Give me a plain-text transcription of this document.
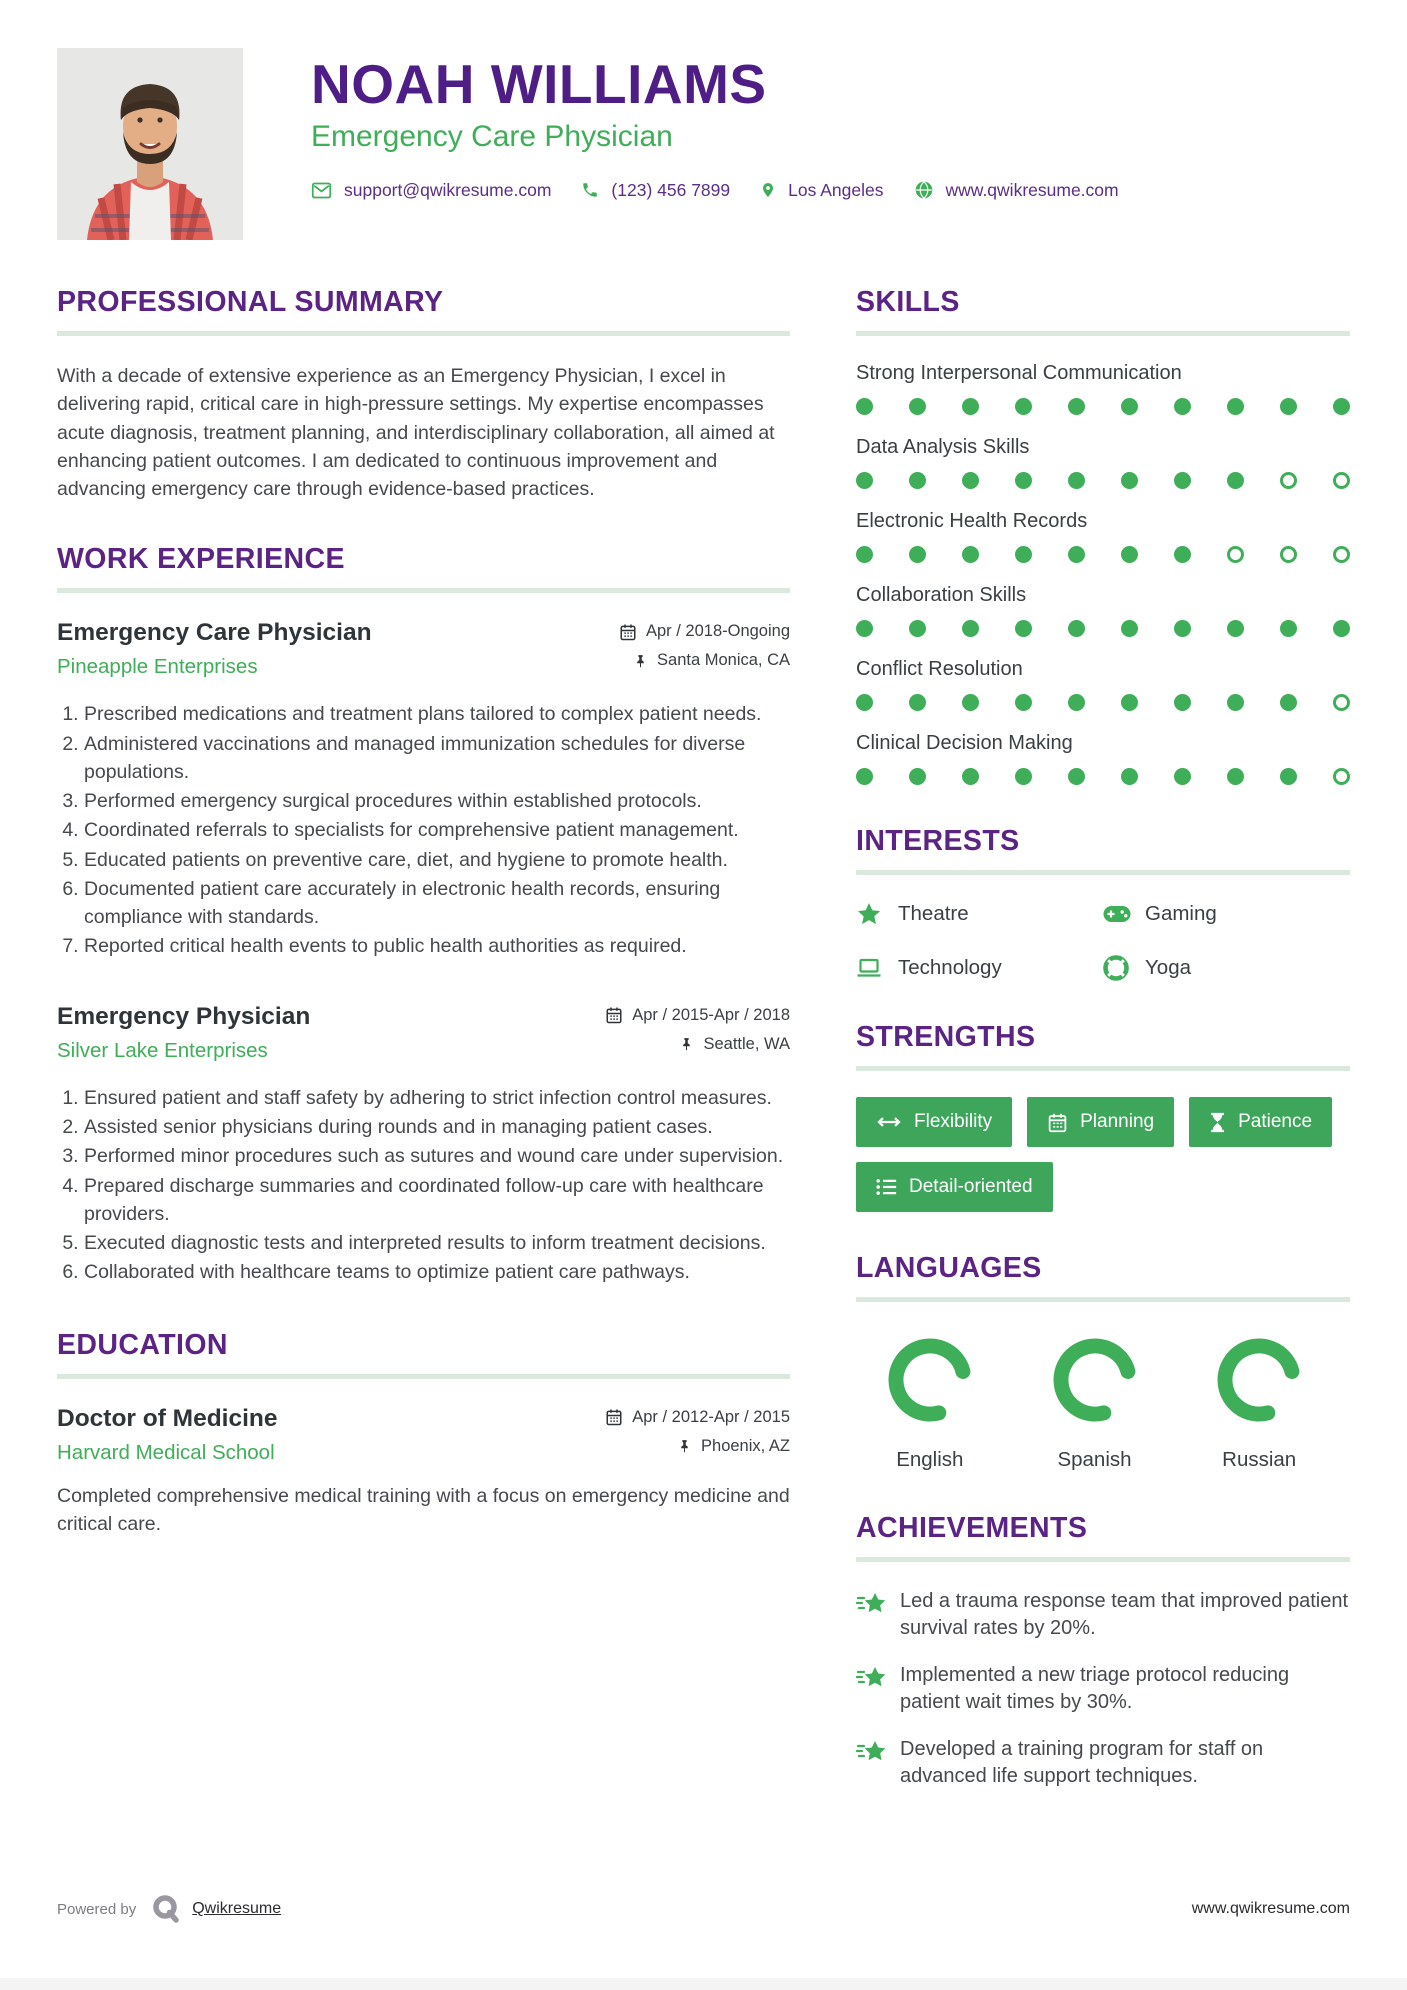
NOAH WILLIAMS
Emergency Care Physician
support@qwikresume.com	(123) 456 7899	Los Angeles	www.qwikresume.com
PROFESSIONAL SUMMARY

With a decade of extensive experience as an Emergency Physician, I excel in delivering rapid, critical care in high-pressure settings. My expertise encompasses acute diagnosis, treatment planning, and interdisciplinary collaboration, all aimed at enhancing patient outcomes. I am dedicated to continuous improvement and advancing emergency care through evidence-based practices.

WORK EXPERIENCE
Emergency Care Physician
Pineapple Enterprises
Apr / 2018-Ongoing
Santa Monica, CA
1. Prescribed medications and treatment plans tailored to complex patient needs.
2. Administered vaccinations and managed immunization schedules for diverse populations.
3. Performed emergency surgical procedures within established protocols.
4. Coordinated referrals to specialists for comprehensive patient management.
5. Educated patients on preventive care, diet, and hygiene to promote health.
6. Documented patient care accurately in electronic health records, ensuring compliance with standards.
7. Reported critical health events to public health authorities as required.
Emergency Physician
Silver Lake Enterprises
Apr / 2015-Apr / 2018
Seattle, WA
1. Ensured patient and staff safety by adhering to strict infection control measures.
2. Assisted senior physicians during rounds and in managing patient cases.
3. Performed minor procedures such as sutures and wound care under supervision.
4. Prepared discharge summaries and coordinated follow-up care with healthcare providers.
5. Executed diagnostic tests and interpreted results to inform treatment decisions.
6. Collaborated with healthcare teams to optimize patient care pathways.
EDUCATION
Doctor of Medicine
Harvard Medical School
Apr / 2012-Apr / 2015
Phoenix, AZ

Completed comprehensive medical training with a focus on emergency medicine and critical care.

SKILLS
Strong Interpersonal Communication
Data Analysis Skills
Electronic Health Records
Collaboration Skills
Conflict Resolution
Clinical Decision Making
INTERESTS
Theatre	Gaming
Technology	Yoga
STRENGTHS
Flexibility	Planning	Patience
Detail-oriented
LANGUAGES
English	Spanish	Russian
ACHIEVEMENTS
Led a trauma response team that improved patient survival rates by 20%.
Implemented a new triage protocol reducing patient wait times by 30%.
Developed a training program for staff on advanced life support techniques.
Powered by	Qwikresume	www.qwikresume.com
